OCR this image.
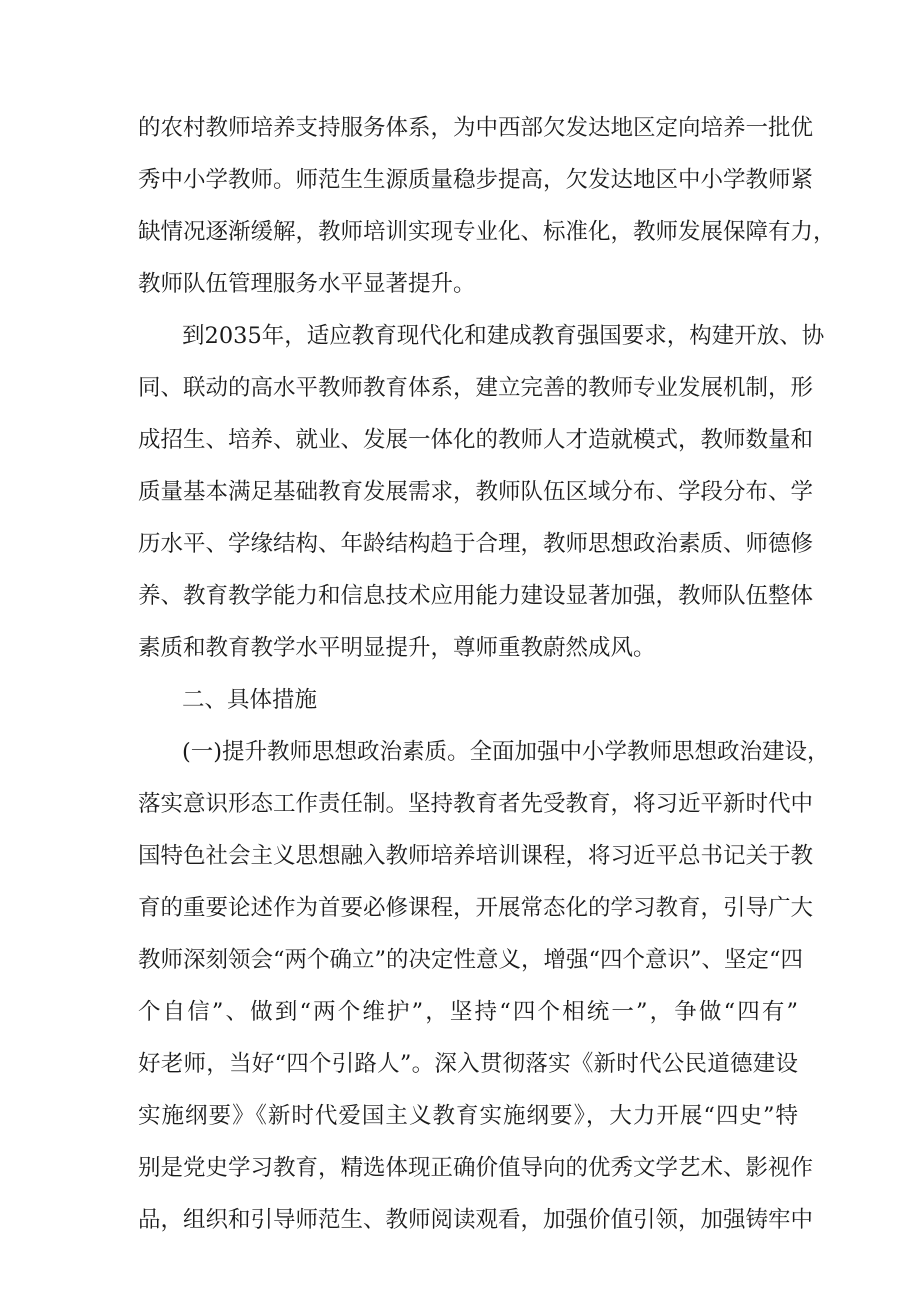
的农村教师培养支持服务体系，为中西部欠发达地区定向培养一批优
秀中小学教师。师范生生源质量稳步提高，欠发达地区中小学教师紧
缺情况逐渐缓解，教师培训实现专业化、标准化，教师发展保障有力，
教师队伍管理服务水平显著提升。
到2035年，适应教育现代化和建成教育强国要求，构建开放、协
同、联动的高水平教师教育体系，建立完善的教师专业发展机制，形
成招生、培养、就业、发展一体化的教师人才造就模式，教师数量和
质量基本满足基础教育发展需求，教师队伍区域分布、学段分布、学
历水平、学缘结构、年龄结构趋于合理，教师思想政治素质、师德修
养、教育教学能力和信息技术应用能力建设显著加强，教师队伍整体
素质和教育教学水平明显提升，尊师重教蔚然成风。
二、具体措施
(一)提升教师思想政治素质。全面加强中小学教师思想政治建设，
落实意识形态工作责任制。坚持教育者先受教育，将习近平新时代中
国特色社会主义思想融入教师培养培训课程，将习近平总书记关于教
育的重要论述作为首要必修课程，开展常态化的学习教育，引导广大
教师深刻领会“两个确立”的决定性意义，增强“四个意识”、坚定“四
个自信”、做到“两个维护”，坚持“四个相统一”，争做“四有”
好老师，当好“四个引路人”。深入贯彻落实《新时代公民道德建设
实施纲要》《新时代爱国主义教育实施纲要》，大力开展“四史”特
别是党史学习教育，精选体现正确价值导向的优秀文学艺术、影视作
品，组织和引导师范生、教师阅读观看，加强价值引领，加强铸牢中
